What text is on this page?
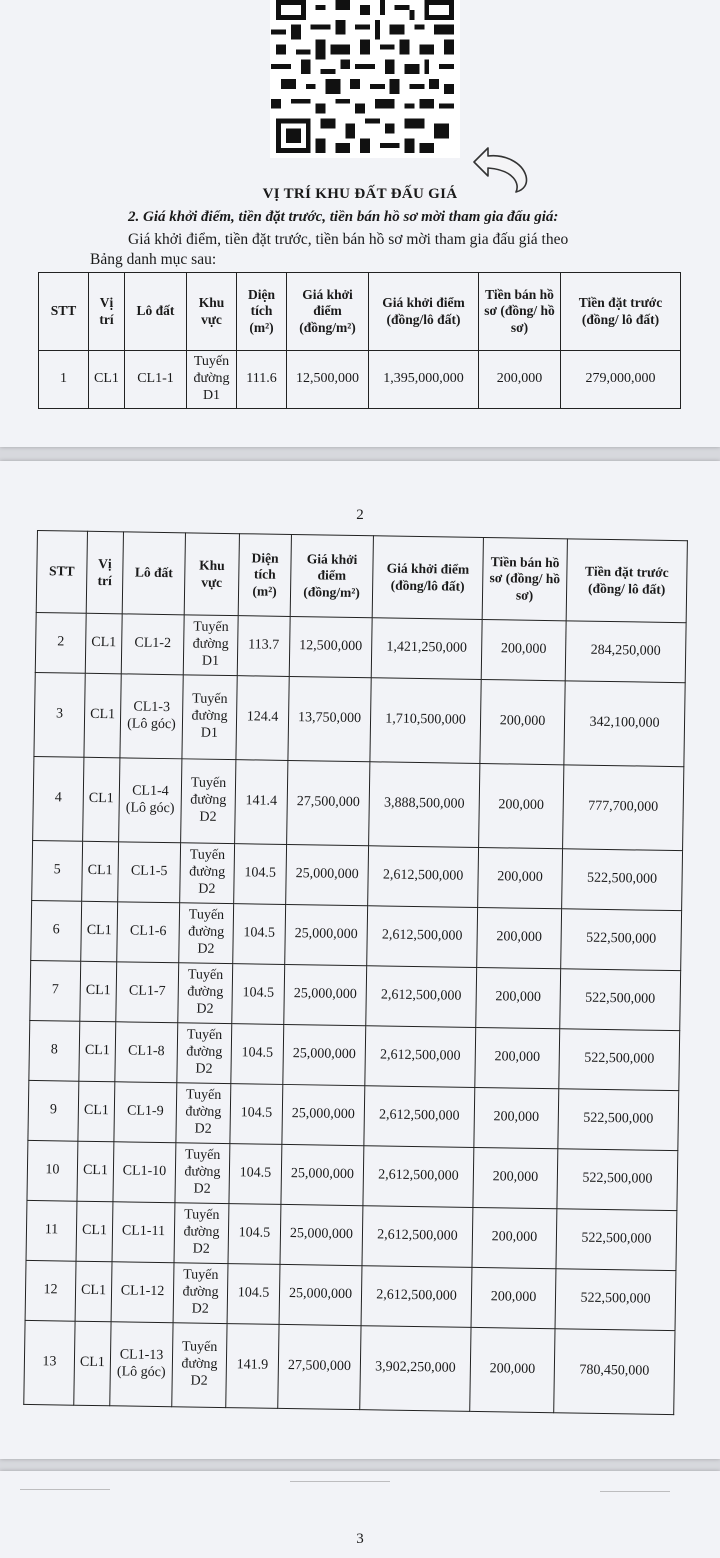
VỊ TRÍ KHU ĐẤT ĐẤU GIÁ
2. Giá khởi điểm, tiền đặt trước, tiền bán hồ sơ mời tham gia đấu giá:
Giá khởi điểm, tiền đặt trước, tiền bán hồ sơ mời tham gia đấu giá theo
Bảng danh mục sau:
STT	Vị trí	Lô đất	Khu vực	Diện tích (m²)	Giá khởi điểm (đồng/m²)	Giá khởi điểm (đồng/lô đất)	Tiền bán hồ sơ (đồng/ hồ sơ)	Tiền đặt trước (đồng/ lô đất)
1	CL1	CL1-1	Tuyến đường D1	111.6	12,500,000	1,395,000,000	200,000	279,000,000
2
STT	Vị trí	Lô đất	Khu vực	Diện tích (m²)	Giá khởi điểm (đồng/m²)	Giá khởi điểm (đồng/lô đất)	Tiền bán hồ sơ (đồng/ hồ sơ)	Tiền đặt trước (đồng/ lô đất)
2	CL1	CL1-2	Tuyến đường D1	113.7	12,500,000	1,421,250,000	200,000	284,250,000
3	CL1	CL1-3 (Lô góc)	Tuyến đường D1	124.4	13,750,000	1,710,500,000	200,000	342,100,000
4	CL1	CL1-4 (Lô góc)	Tuyến đường D2	141.4	27,500,000	3,888,500,000	200,000	777,700,000
5	CL1	CL1-5	Tuyến đường D2	104.5	25,000,000	2,612,500,000	200,000	522,500,000
6	CL1	CL1-6	Tuyến đường D2	104.5	25,000,000	2,612,500,000	200,000	522,500,000
7	CL1	CL1-7	Tuyến đường D2	104.5	25,000,000	2,612,500,000	200,000	522,500,000
8	CL1	CL1-8	Tuyến đường D2	104.5	25,000,000	2,612,500,000	200,000	522,500,000
9	CL1	CL1-9	Tuyến đường D2	104.5	25,000,000	2,612,500,000	200,000	522,500,000
10	CL1	CL1-10	Tuyến đường D2	104.5	25,000,000	2,612,500,000	200,000	522,500,000
11	CL1	CL1-11	Tuyến đường D2	104.5	25,000,000	2,612,500,000	200,000	522,500,000
12	CL1	CL1-12	Tuyến đường D2	104.5	25,000,000	2,612,500,000	200,000	522,500,000
13	CL1	CL1-13 (Lô góc)	Tuyến đường D2	141.9	27,500,000	3,902,250,000	200,000	780,450,000
3
